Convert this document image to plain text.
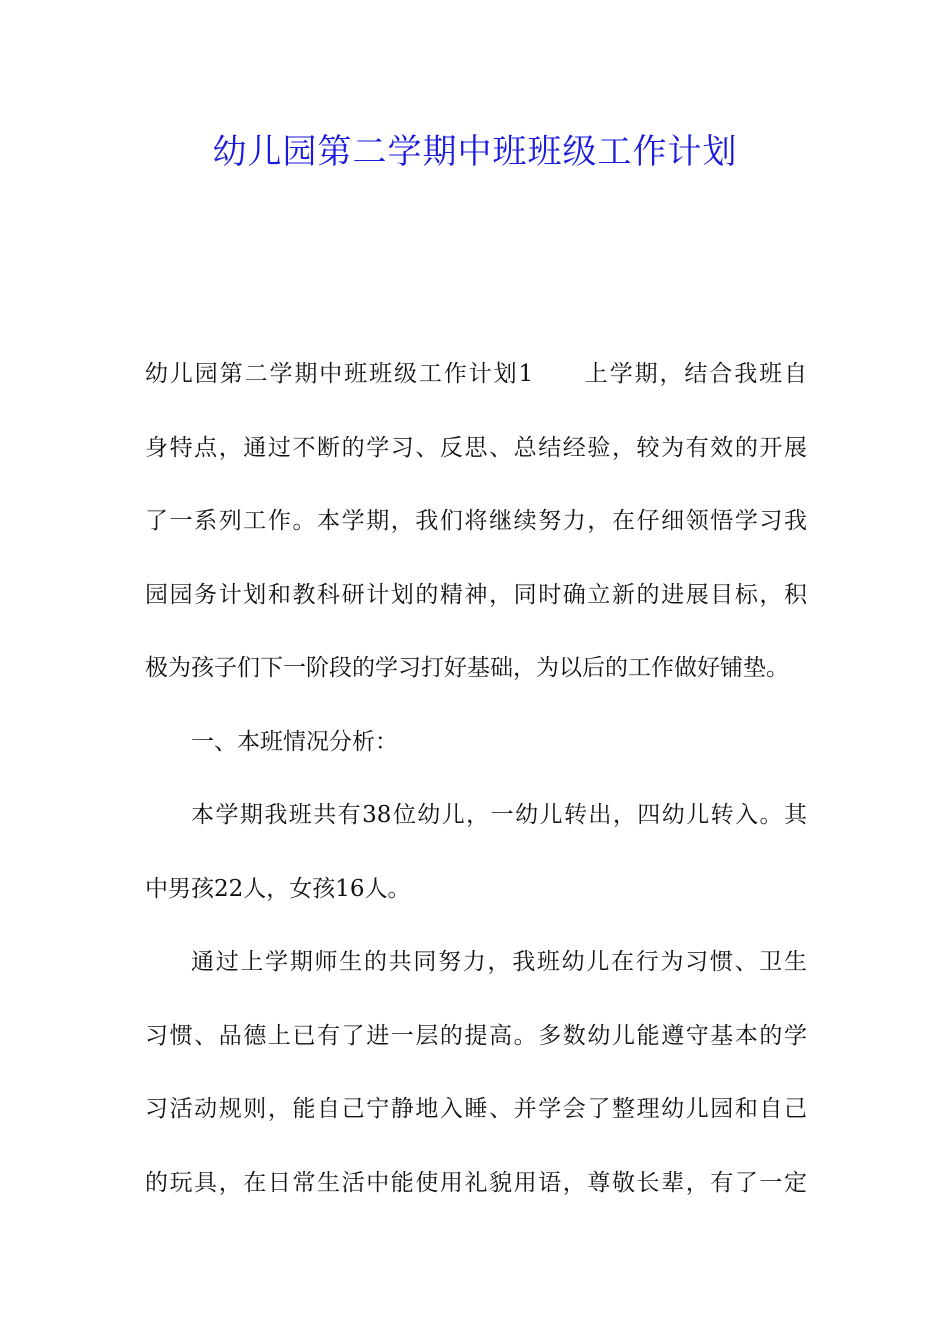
幼儿园第二学期中班班级工作计划

幼儿园第二学期中班班级工作计划1　　上学期，结合我班自
身特点，通过不断的学习、反思、总结经验，较为有效的开展
了一系列工作。本学期，我们将继续努力，在仔细领悟学习我
园园务计划和教科研计划的精神，同时确立新的进展目标，积
极为孩子们下一阶段的学习打好基础，为以后的工作做好铺垫。

一、本班情况分析：

本学期我班共有38位幼儿，一幼儿转出，四幼儿转入。其
中男孩22人，女孩16人。

通过上学期师生的共同努力，我班幼儿在行为习惯、卫生
习惯、品德上已有了进一层的提高。多数幼儿能遵守基本的学
习活动规则，能自己宁静地入睡、并学会了整理幼儿园和自己
的玩具，在日常生活中能使用礼貌用语，尊敬长辈，有了一定
